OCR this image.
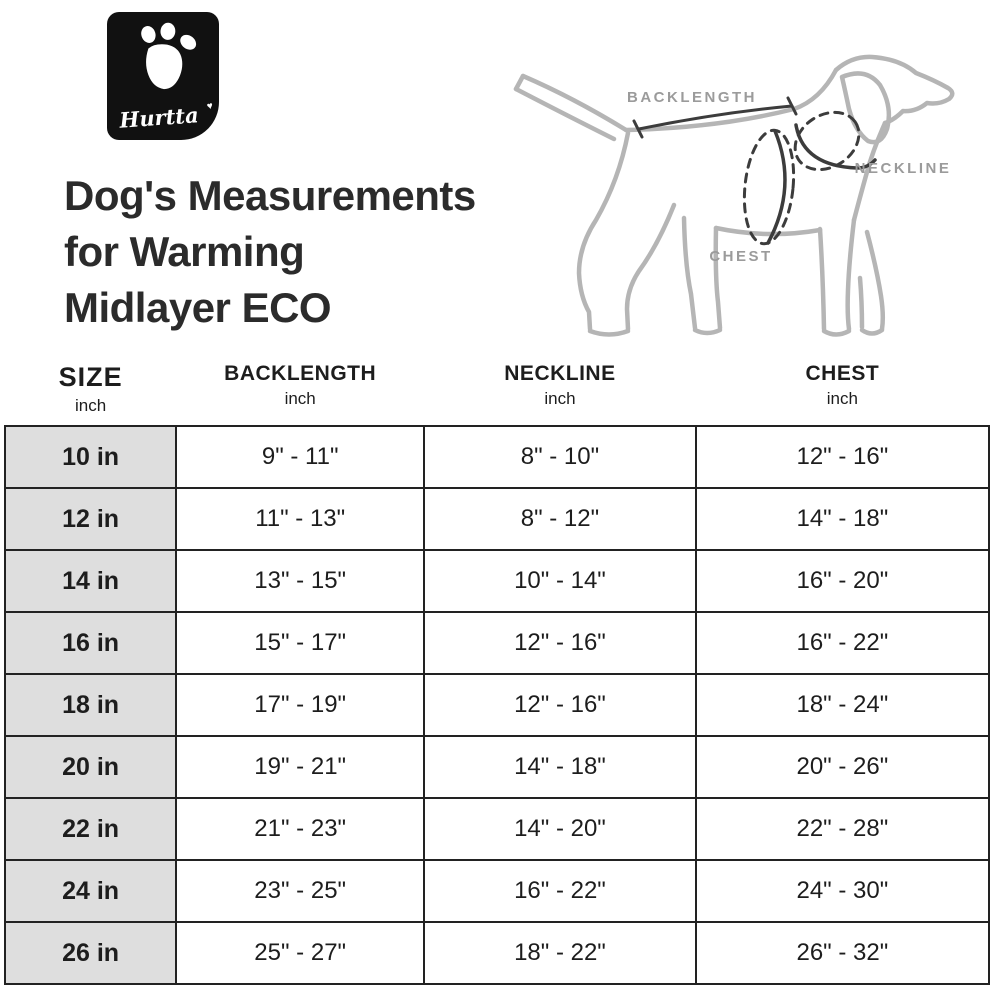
Hurtta ♥
Dog's Measurements
for Warming
Midlayer ECO
BACKLENGTH
NECKLINE
CHEST
SIZE
inch

BACKLENGTH
inch

NECKLINE
inch

CHEST
inch

10 in	9" - 11"	8" - 10"	12" - 16"
12 in	11" - 13"	8" - 12"	14" - 18"
14 in	13" - 15"	10" - 14"	16" - 20"
16 in	15" - 17"	12" - 16"	16" - 22"
18 in	17" - 19"	12" - 16"	18" - 24"
20 in	19" - 21"	14" - 18"	20" - 26"
22 in	21" - 23"	14" - 20"	22" - 28"
24 in	23" - 25"	16" - 22"	24" - 30"
26 in	25" - 27"	18" - 22"	26" - 32"
